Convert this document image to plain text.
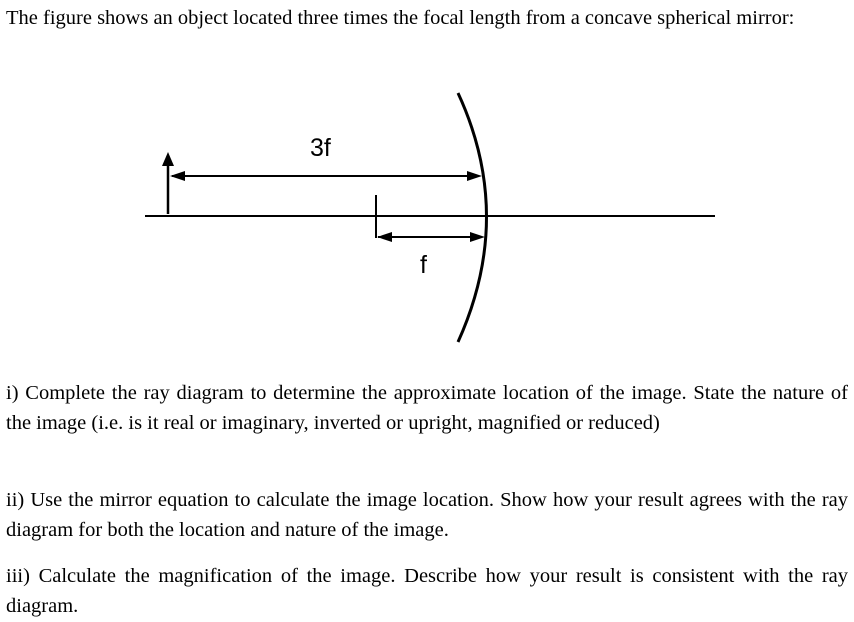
The figure shows an object located three times the focal length from a concave spherical mirror:

3f
f

i) Complete the ray diagram to determine the approximate location of the image. State the nature of the image (i.e. is it real or imaginary, inverted or upright, magnified or reduced)

ii) Use the mirror equation to calculate the image location. Show how your result agrees with the ray diagram for both the location and nature of the image.

iii) Calculate the magnification of the image. Describe how your result is consistent with the ray diagram.
